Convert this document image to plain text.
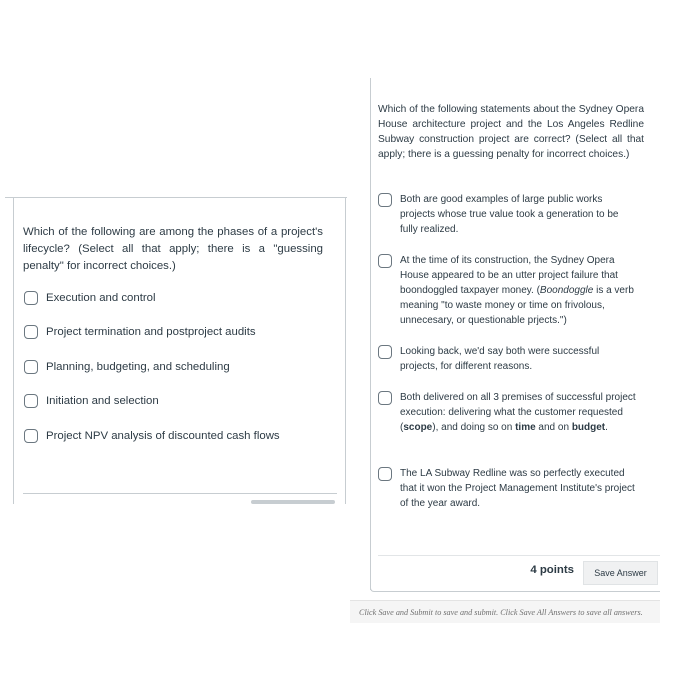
Which of the following are among the phases of a project's lifecycle? (Select all that apply; there is a "guessing penalty" for incorrect choices.)
Execution and control
Project termination and postproject audits
Planning, budgeting, and scheduling
Initiation and selection
Project NPV analysis of discounted cash flows
Which of the following statements about the Sydney Opera House architecture project and the Los Angeles Redline Subway construction project are correct? (Select all that apply; there is a guessing penalty for incorrect choices.)
Both are good examples of large public works projects whose true value took a generation to be fully realized.
At the time of its construction, the Sydney Opera House appeared to be an utter project failure that boondoggled taxpayer money. (Boondoggle is a verb meaning "to waste money or time on frivolous, unnecesary, or questionable prjects.")
Looking back, we'd say both were successful projects, for different reasons.
Both delivered on all 3 premises of successful project execution: delivering what the customer requested (scope), and doing so on time and on budget.
The LA Subway Redline was so perfectly executed that it won the Project Management Institute's project of the year award.
4 points	Save Answer
Click Save and Submit to save and submit. Click Save All Answers to save all answers.
